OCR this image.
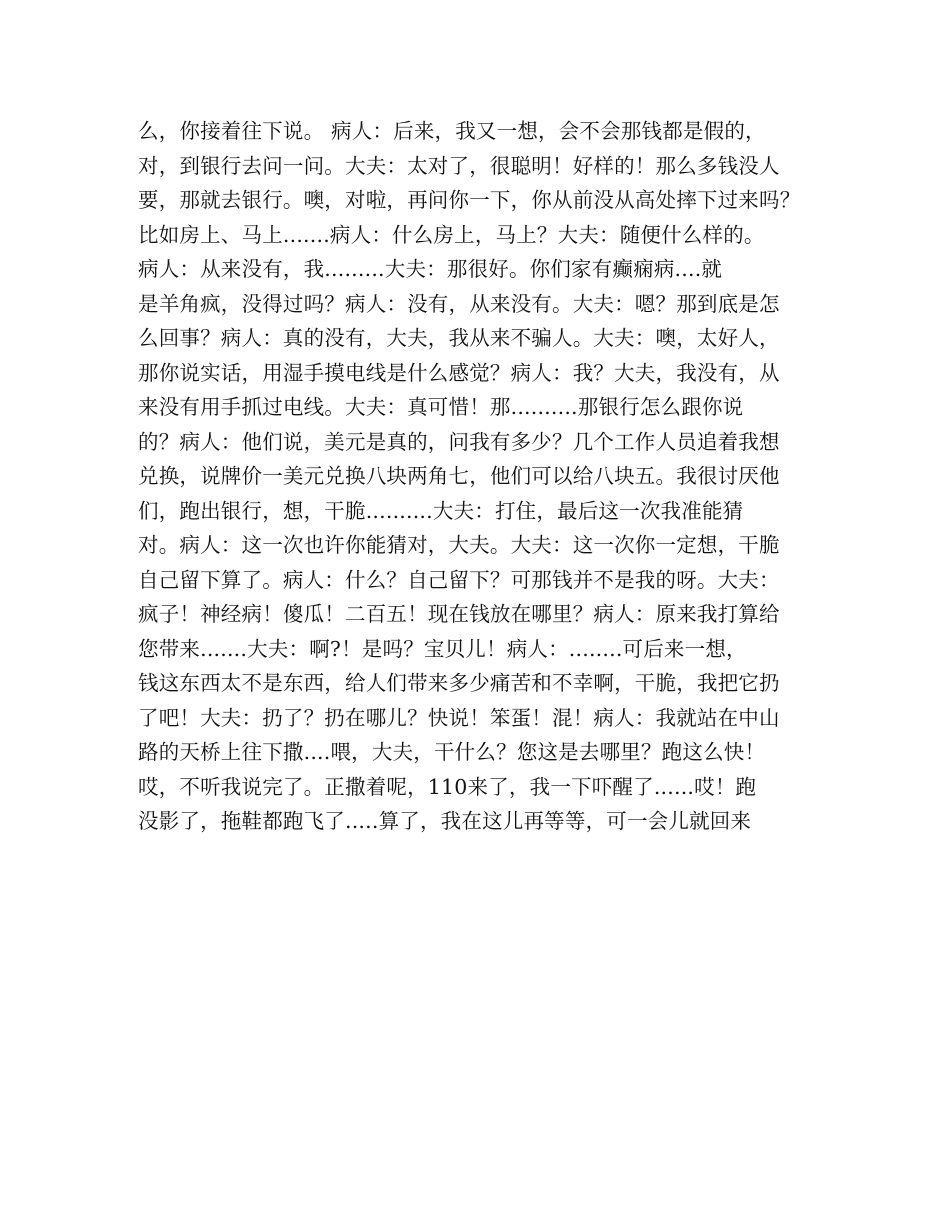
么，你接着往下说。 病人：后来，我又一想，会不会那钱都是假的，
对，到银行去问一问。大夫：太对了，很聪明！好样的！那么多钱没人
要，那就去银行。噢，对啦，再问你一下，你从前没从高处摔下过来吗？
比如房上、马上.......病人：什么房上，马上？大夫：随便什么样的。
病人：从来没有，我.........大夫：那很好。你们家有癫痫病....就
是羊角疯，没得过吗？病人：没有，从来没有。大夫：嗯？那到底是怎
么回事？病人：真的没有，大夫，我从来不骗人。大夫：噢，太好人，
那你说实话，用湿手摸电线是什么感觉？病人：我？大夫，我没有，从
来没有用手抓过电线。大夫：真可惜！那..........那银行怎么跟你说
的？病人：他们说，美元是真的，问我有多少？几个工作人员追着我想
兑换，说牌价一美元兑换八块两角七，他们可以给八块五。我很讨厌他
们，跑出银行，想，干脆..........大夫：打住，最后这一次我准能猜
对。病人：这一次也许你能猜对，大夫。大夫：这一次你一定想，干脆
自己留下算了。病人：什么？自己留下？可那钱并不是我的呀。大夫：
疯子！神经病！傻瓜！二百五！现在钱放在哪里？病人：原来我打算给
您带来.......大夫：啊?！是吗？宝贝儿！病人：........可后来一想，
钱这东西太不是东西，给人们带来多少痛苦和不幸啊，干脆，我把它扔
了吧！大夫：扔了？扔在哪儿？快说！笨蛋！混！病人：我就站在中山
路的天桥上往下撒....喂，大夫，干什么？您这是去哪里？跑这么快！
哎，不听我说完了。正撒着呢，110来了，我一下吓醒了......哎！跑
没影了，拖鞋都跑飞了.....算了，我在这儿再等等，可一会儿就回来
